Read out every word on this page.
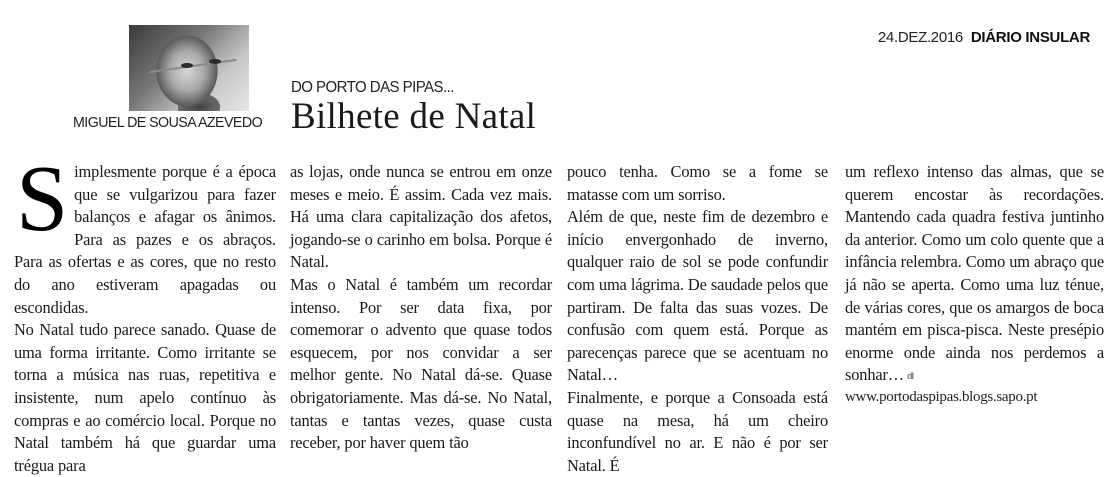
24.DEZ.2016 DIÁRIO INSULAR
MIGUEL DE SOUSA AZEVEDO
DO PORTO DAS PIPAS...
Bilhete de Natal

Simplesmente porque é a época que se vulgarizou para fazer balanços e afagar os ânimos. Para as pazes e os abraços. Para as ofertas e as cores, que no resto do ano estiveram apagadas ou escondidas.

No Natal tudo parece sanado. Quase de uma forma irritante. Como irritante se torna a música nas ruas, repetitiva e insistente, num apelo contínuo às compras e ao comércio local. Porque no Natal também há que guardar uma trégua para

as lojas, onde nunca se entrou em onze meses e meio. É assim. Cada vez mais. Há uma clara capitalização dos afetos, jogando-se o carinho em bolsa. Porque é Natal.

Mas o Natal é também um recordar intenso. Por ser data fixa, por comemorar o advento que quase todos esquecem, por nos convidar a ser melhor gente. No Natal dá-se. Quase obrigatoriamente. Mas dá-se. No Natal, tantas e tantas vezes, quase custa receber, por haver quem tão

pouco tenha. Como se a fome se matasse com um sorriso.

Além de que, neste fim de dezembro e início envergonhado de inverno, qualquer raio de sol se pode confundir com uma lágrima. De saudade pelos que partiram. De falta das suas vozes. De confusão com quem está. Porque as parecenças parece que se acentuam no Natal…

Finalmente, e porque a Consoada está quase na mesa, há um cheiro inconfundível no ar. E não é por ser Natal. É

um reflexo intenso das almas, que se querem encostar às recordações. Mantendo cada quadra festiva juntinho da anterior. Como um colo quente que a infância relembra. Como um abraço que já não se aperta. Como uma luz ténue, de várias cores, que os amargos de boca mantém em pisca-pisca. Neste presépio enorme onde ainda nos perdemos a sonhar… dI

www.portodaspipas.blogs.sapo.pt
